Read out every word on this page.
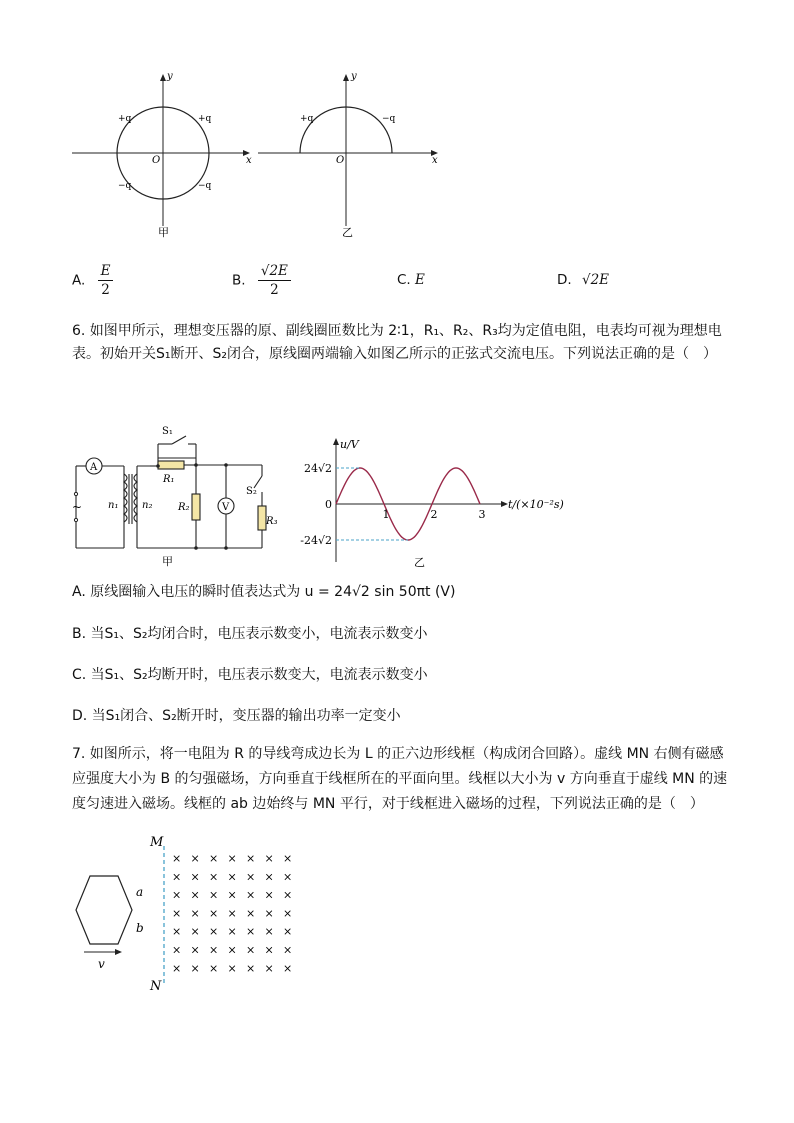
y
x
O
+q	+q
−q	−q
甲
y
x
O
+q	−q
乙
A. $\frac{E}{2}$	B. $\frac{√2E}{2}$	C. E	D. √2E
6. 如图甲所示，理想变压器的原、副线圈匝数比为 2∶1，R₁、R₂、R₃均为定值电阻，电表均可视为理想电表。初始开关S₁断开、S₂闭合，原线圈两端输入如图乙所示的正弦式交流电压。下列说法正确的是（　）
A
V
~	n₁ n₂
S₁
R₁
R₂
S₂
R₃
甲
u/V
t/(×10⁻²s)
24√2
0
-24√2
1	2	3
乙
A. 原线圈输入电压的瞬时值表达式为 u = 24√2 sin 50πt (V)
B. 当S₁、S₂均闭合时，电压表示数变小，电流表示数变小
C. 当S₁、S₂均断开时，电压表示数变大，电流表示数变小
D. 当S₁闭合、S₂断开时，变压器的输出功率一定变小
7. 如图所示，将一电阻为 R 的导线弯成边长为 L 的正六边形线框（构成闭合回路）。虚线 MN 右侧有磁感应强度大小为 B 的匀强磁场，方向垂直于线框所在的平面向里。线框以大小为 v 方向垂直于虚线 MN 的速度匀速进入磁场。线框的 ab 边始终与 MN 平行，对于线框进入磁场的过程，下列说法正确的是（　）
a
b
v
M
N
× × × × × × ×
× × × × × × ×
× × × × × × ×
× × × × × × ×
× × × × × × ×
× × × × × × ×
× × × × × × ×
